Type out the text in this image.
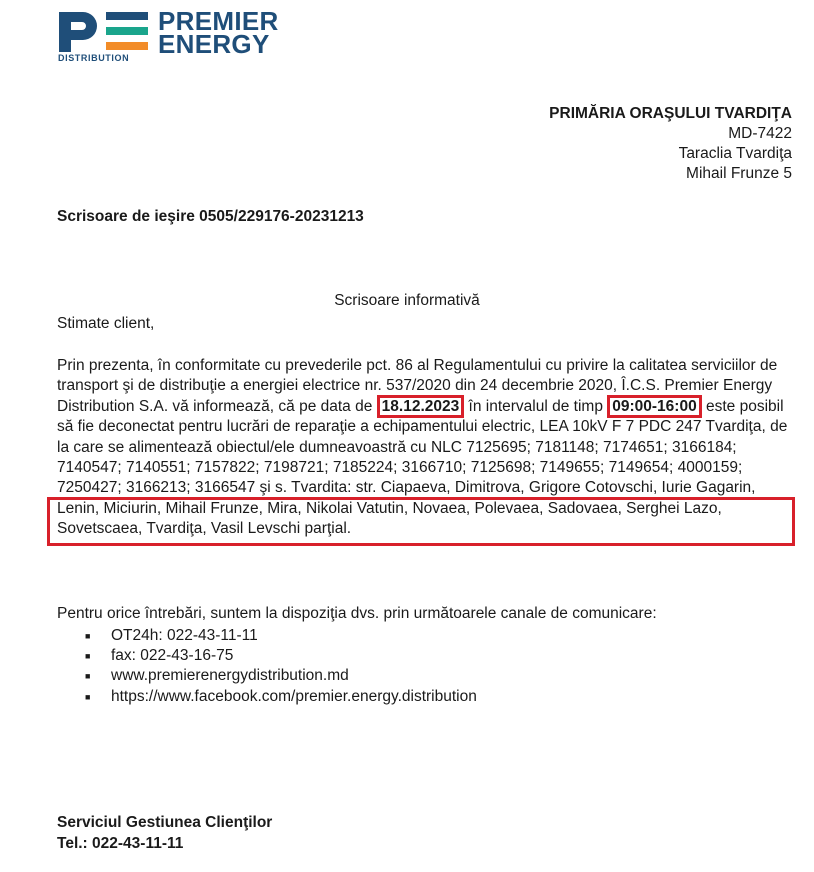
PREMIER
ENERGY
DISTRIBUTION
PRIMĂRIA ORAŞULUI TVARDIŢA
MD-7422
Taraclia Tvardiţa
Mihail Frunze 5
Scrisoare de ieşire 0505/229176-20231213
Scrisoare informativă
Stimate client,
Prin prezenta, în conformitate cu prevederile pct. 86 al Regulamentului cu privire la calitatea serviciilor de transport şi de distribuţie a energiei electrice nr. 537/2020 din 24 decembrie 2020, Î.C.S. Premier Energy Distribution S.A. vă informează, că pe data de 18.12.2023 în intervalul de timp 09:00-16:00 este posibil să fie deconectat pentru lucrări de reparaţie a echipamentului electric, LEA 10kV F 7 PDC 247 Tvardiţa, de la care se alimentează obiectul/ele dumneavoastră cu NLC 7125695; 7181148; 7174651; 3166184; 7140547; 7140551; 7157822; 7198721; 7185224; 3166710; 7125698; 7149655; 7149654; 4000159; 7250427; 3166213; 3166547 şi s. Tvardita: str. Ciapaeva, Dimitrova, Grigore Cotovschi, Iurie Gagarin, Lenin, Miciurin, Mihail Frunze, Mira, Nikolai Vatutin, Novaea, Polevaea, Sadovaea, Serghei Lazo, Sovetscaea, Tvardiţa, Vasil Levschi parţial.
Pentru orice întrebări, suntem la dispoziţia dvs. prin următoarele canale de comunicare:
■ OT24h: 022-43-11-11
■ fax: 022-43-16-75
■ www.premierenergydistribution.md
■ https://www.facebook.com/premier.energy.distribution
Serviciul Gestiunea Clienţilor
Tel.: 022-43-11-11
